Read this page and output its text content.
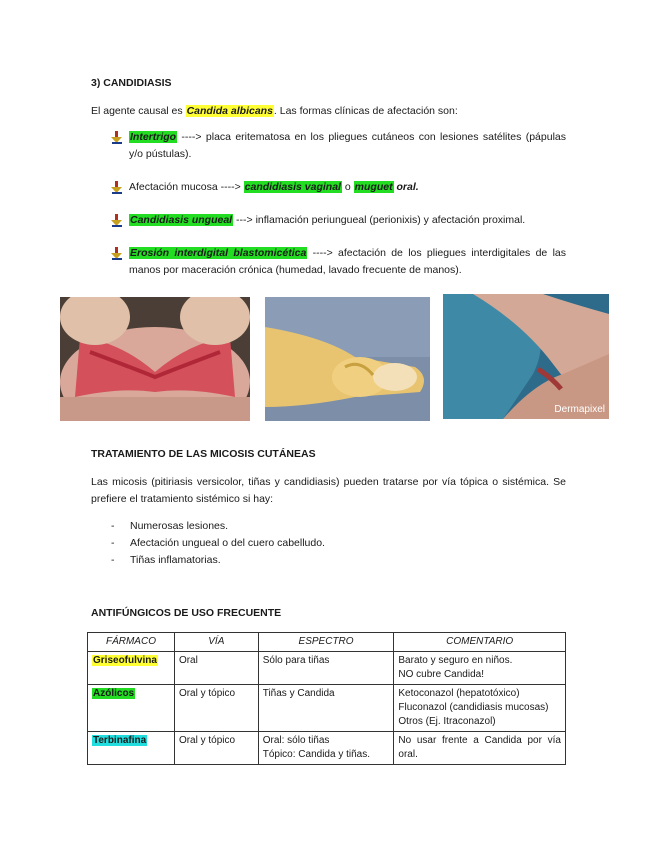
3) CANDIDIASIS
El agente causal es Candida albicans. Las formas clínicas de afectación son:
Intertrigo ----> placa eritematosa en los pliegues cutáneos con lesiones satélites (pápulas y/o pústulas).
Afectación mucosa ----> candidiasis vaginal o muguet oral.
Candidiasis ungueal ---> inflamación periungueal (perionixis) y afectación proximal.
Erosión interdigital blastomicética ----> afectación de los pliegues interdigitales de las manos por maceración crónica (humedad, lavado frecuente de manos).
Dermapixel
TRATAMIENTO DE LAS MICOSIS CUTÁNEAS
Las micosis (pitiriasis versicolor, tiñas y candidiasis) pueden tratarse por vía tópica o sistémica. Se prefiere el tratamiento sistémico si hay:
- Numerosas lesiones.
- Afectación ungueal o del cuero cabelludo.
- Tiñas inflamatorias.
ANTIFÚNGICOS DE USO FRECUENTE
FÁRMACO	VÍA	ESPECTRO	COMENTARIO
Griseofulvina	Oral	Sólo para tiñas	Barato y seguro en niños.
NO cubre Candida!

Azólicos	Oral y tópico	Tiñas y Candida	Ketoconazol (hepatotóxico)
Fluconazol (candidiasis mucosas)
Otros (Ej. Itraconazol)

Terbinafina	Oral y tópico	Oral: sólo tiñas
Tópico: Candida y tiñas.	No usar frente a Candida por vía oral.
